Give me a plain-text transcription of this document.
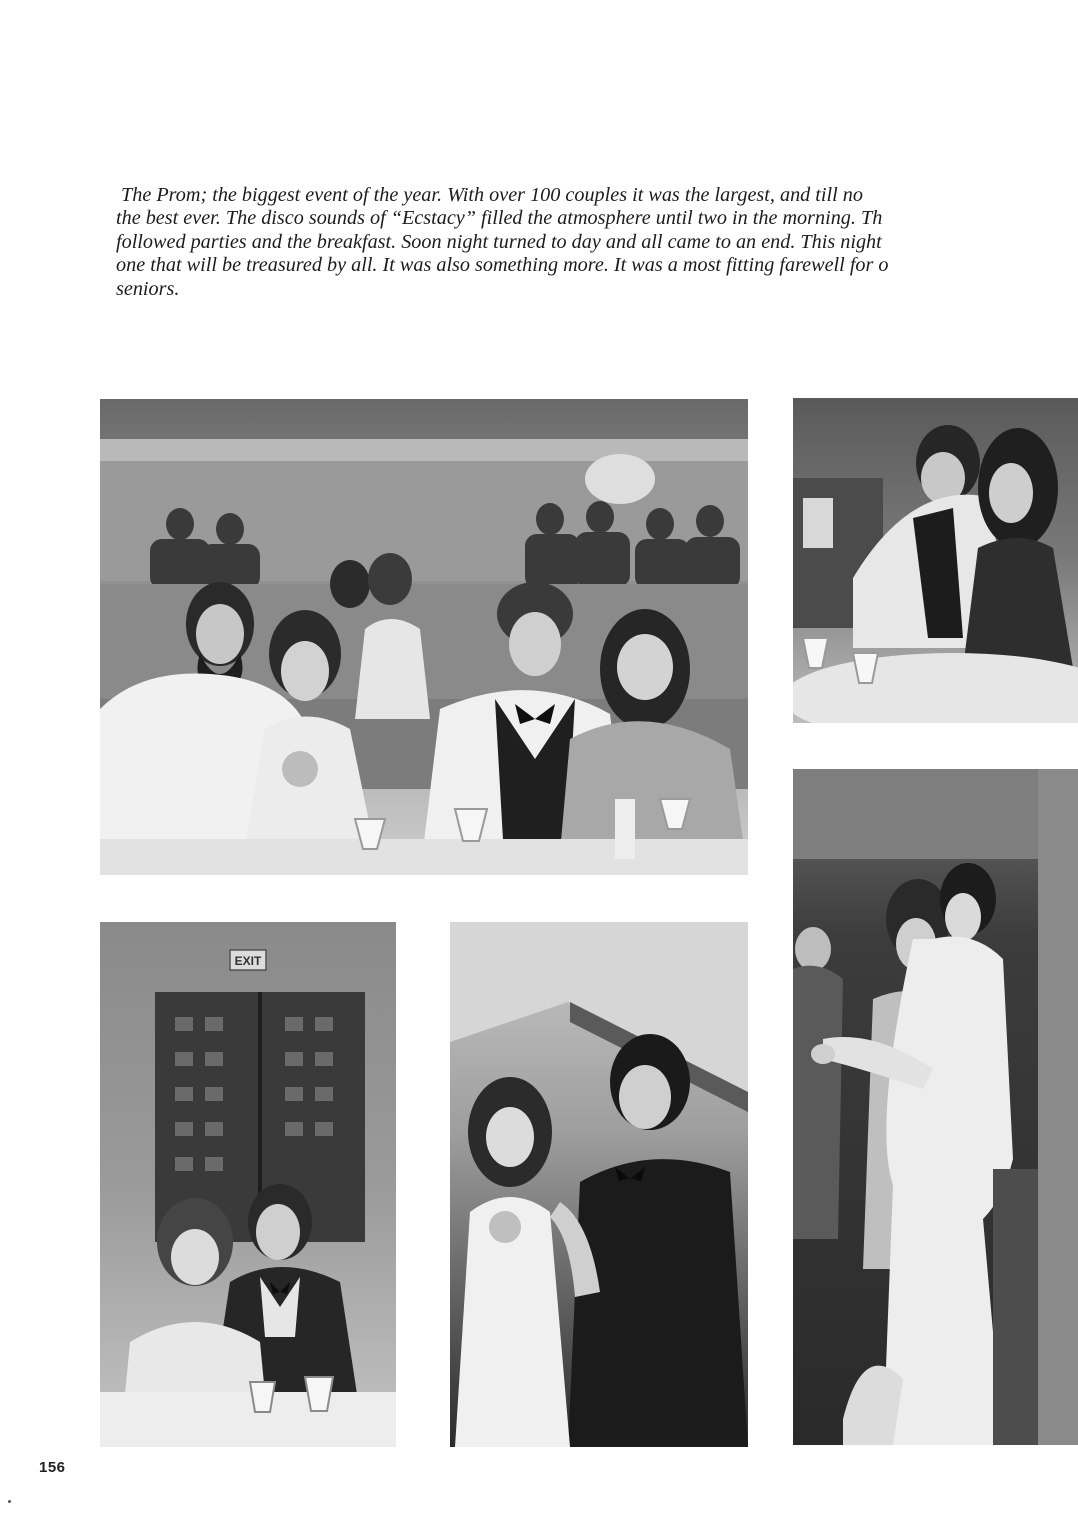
The Prom; the biggest event of the year. With over 100 couples it was the largest, and till no
the best ever. The disco sounds of “Ecstacy” filled the atmosphere until two in the morning. Th
followed parties and the breakfast. Soon night turned to day and all came to an end. This night
one that will be treasured by all. It was also something more. It was a most fitting farewell for o
seniors.

EXIT
156
